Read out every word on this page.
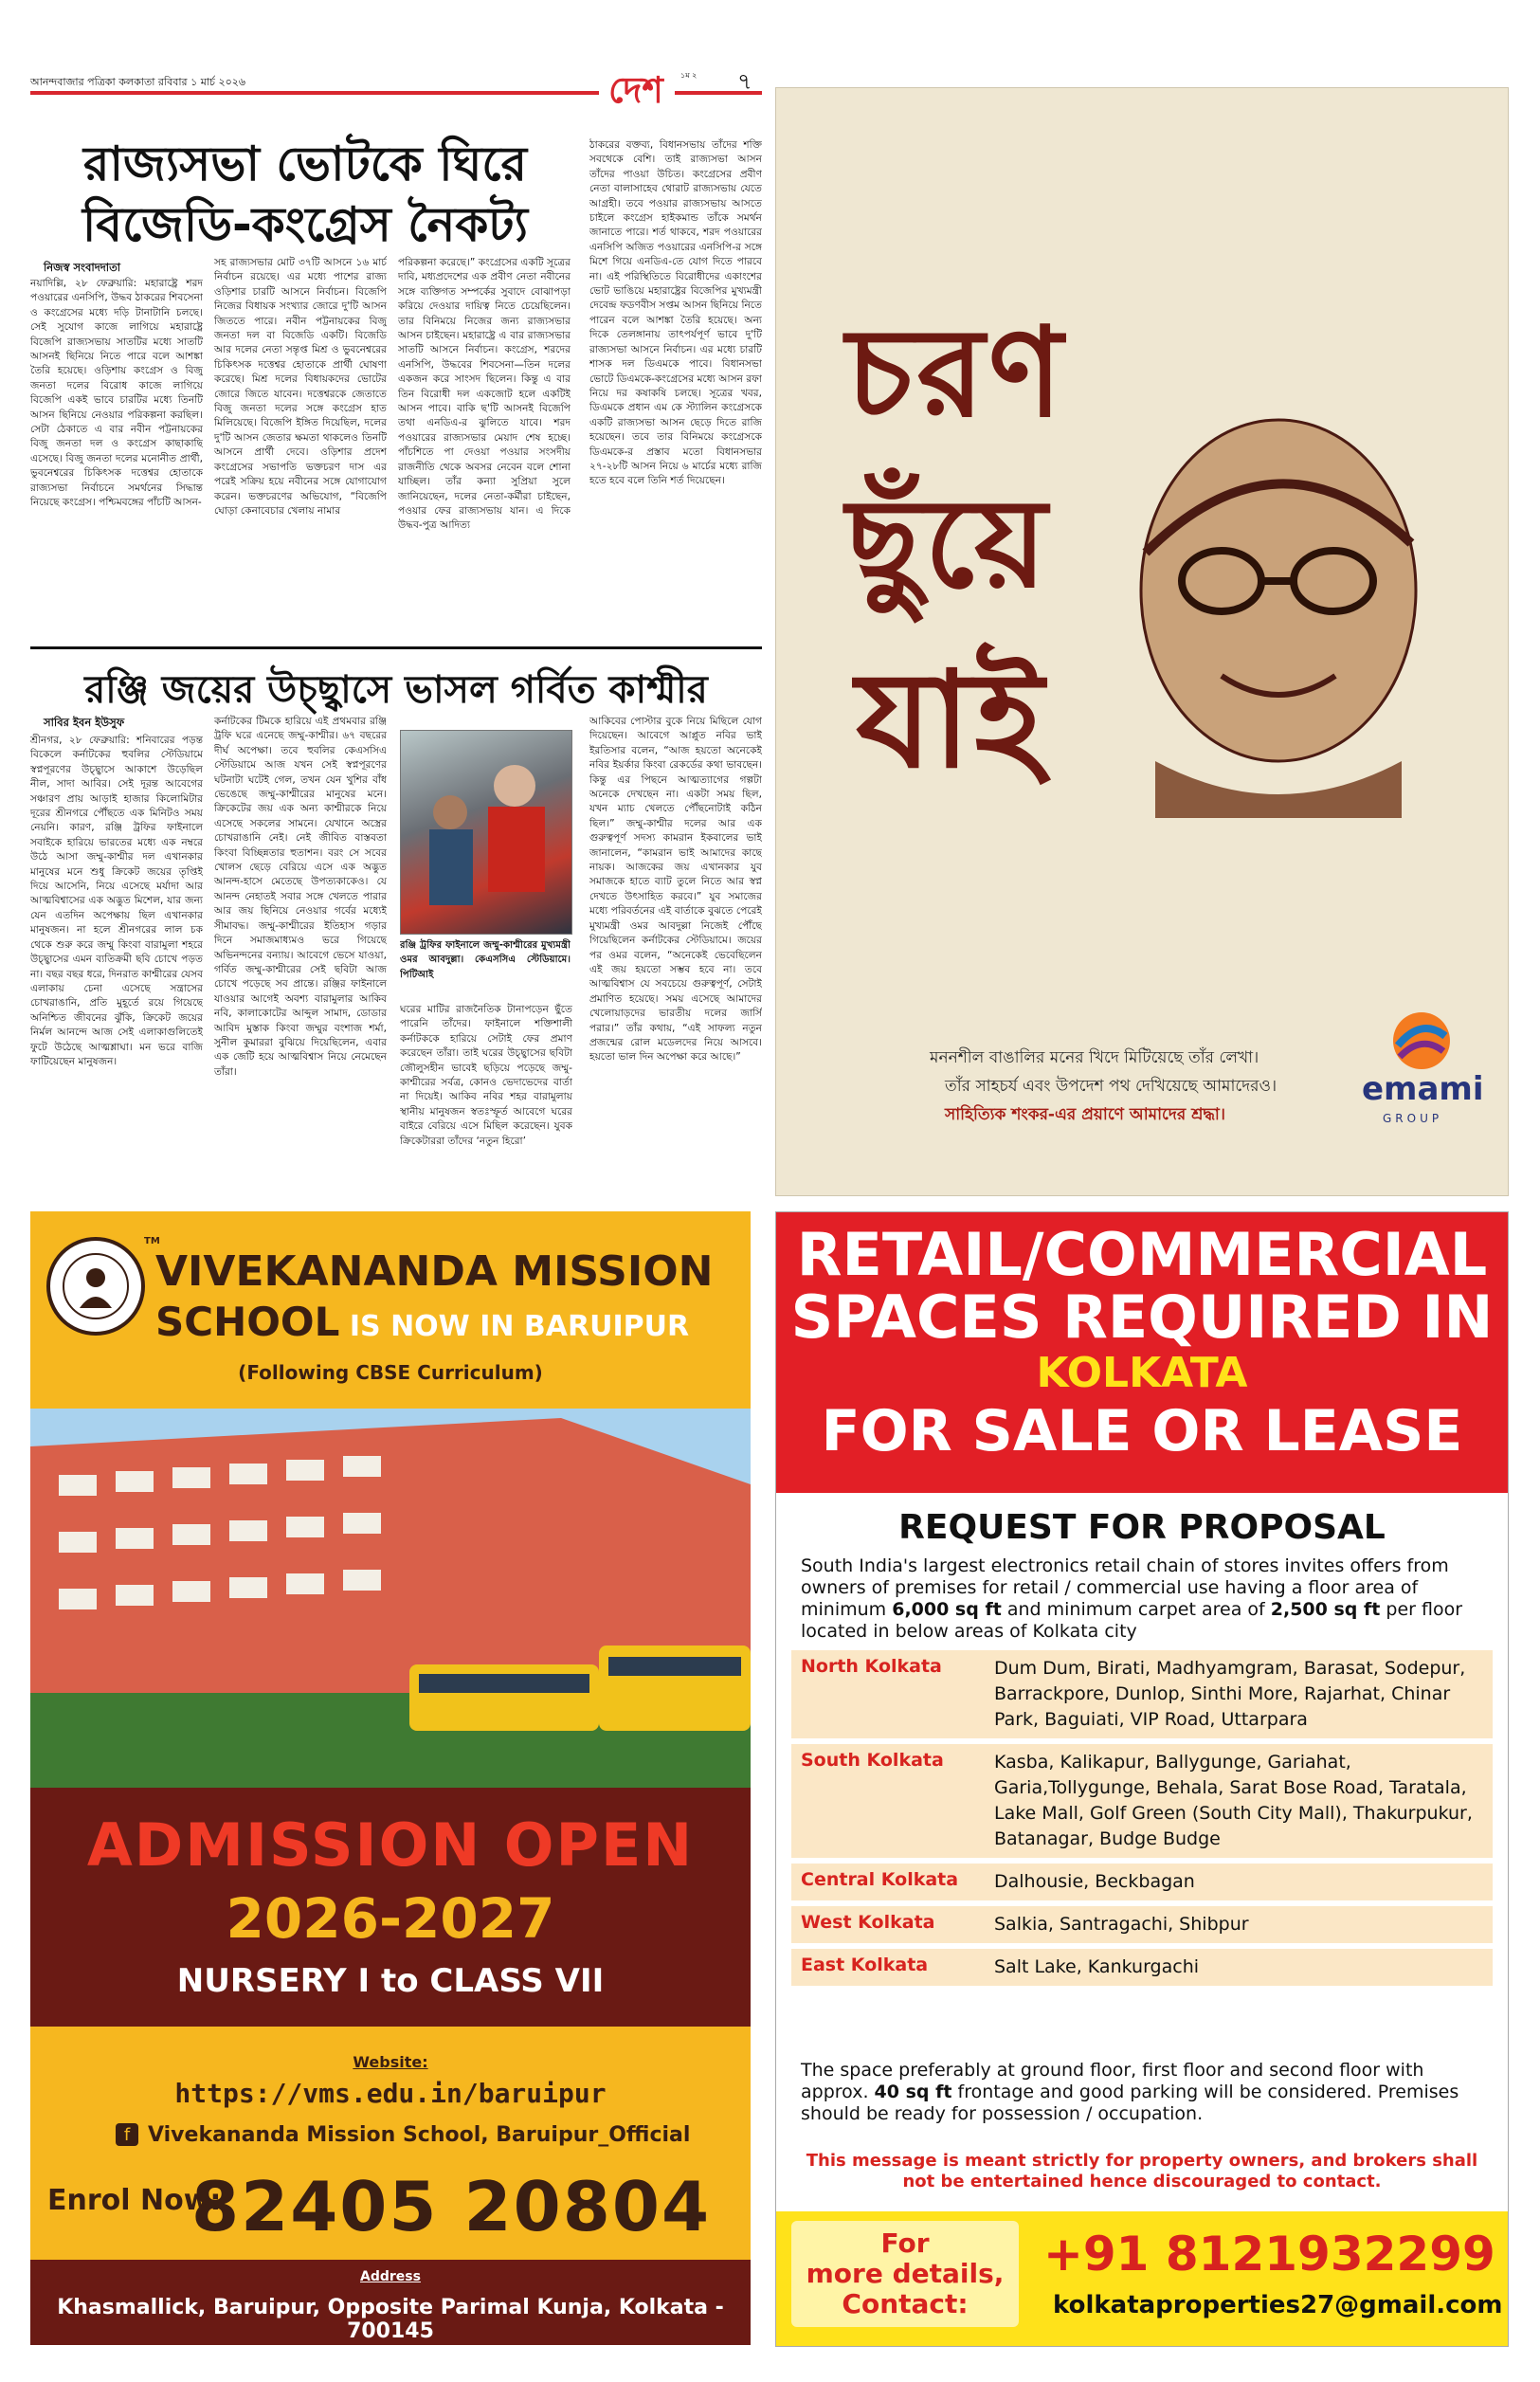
আনন্দবাজার পত্রিকা কলকাতা রবিবার ১ মার্চ ২০২৬	দেশ ১ম ২ ৭
রাজ্যসভা ভোটকে ঘিরে
বিজেডি-কংগ্রেস নৈকট্য
নিজস্ব সংবাদদাতা
নয়াদিল্লি, ২৮ ফেব্রুয়ারি: মহারাষ্ট্রে শরদ পওয়ারের এনসিপি, উদ্ধব ঠাকরের শিবসেনা ও কংগ্রেসের মধ্যে দড়ি টানাটানি চলছে। সেই সুযোগ কাজে লাগিয়ে মহারাষ্ট্রে বিজেপি রাজ্যসভায় সাতটির মধ্যে সাতটি আসনই ছিনিয়ে নিতে পারে বলে আশঙ্কা তৈরি হয়েছে। ওড়িশায় কংগ্রেস ও বিজু জনতা দলের বিরোধ কাজে লাগিয়ে বিজেপি একই ভাবে চারটির মধ্যে তিনটি আসন ছিনিয়ে নেওয়ার পরিকল্পনা করছিল। সেটা ঠেকাতে এ বার নবীন পট্টনায়কের বিজু জনতা দল ও কংগ্রেস কাছাকাছি এসেছে। বিজু জনতা দলের মনোনীত প্রার্থী, ভুবনেশ্বরের চিকিৎসক দত্তেশ্বর হোতাকে রাজ্যসভা নির্বাচনে সমর্থনের সিদ্ধান্ত নিয়েছে কংগ্রেস। পশ্চিমবঙ্গের পাঁচটি আসন-
সহ রাজ্যসভার মোট ৩৭টি আসনে ১৬ মার্চ নির্বাচন রয়েছে। এর মধ্যে পাশের রাজ্য ওড়িশার চারটি আসনে নির্বাচন। বিজেপি নিজের বিধায়ক সংখ্যার জোরে দু'টি আসন জিততে পারে। নবীন পট্টনায়কের বিজু জনতা দল বা বিজেডি একটি। বিজেডি আর দলের নেতা সন্তৃপ্ত মিশ্র ও ভুবনেশ্বরের চিকিৎসক দত্তেশ্বর হোতাকে প্রার্থী ঘোষণা করেছে। মিশ্র দলের বিধায়কদের ভোটের জোরে জিতে যাবেন। দত্তেশ্বরকে জেতাতে বিজু জনতা দলের সঙ্গে কংগ্রেস হাত মিলিয়েছে। বিজেপি ইঙ্গিত দিয়েছিল, দলের দু'টি আসন জেতার ক্ষমতা থাকলেও তিনটি আসনে প্রার্থী দেবে। ওড়িশার প্রদেশ কংগ্রেসের সভাপতি ভক্তচরণ দাস এর পরেই সক্রিয় হয়ে নবীনের সঙ্গে যোগাযোগ করেন। ভক্তচরণের অভিযোগ, “বিজেপি ঘোড়া কেনাবেচার খেলায় নামার
পরিকল্পনা করেছে।” কংগ্রেসের একটি সূত্রের দাবি, মধ্যপ্রদেশের এক প্রবীণ নেতা নবীনের সঙ্গে ব্যক্তিগত সম্পর্কের সুবাদে বোঝাপড়া করিয়ে দেওয়ার দায়িত্ব নিতে চেয়েছিলেন। তার বিনিময়ে নিজের জন্য রাজ্যসভার আসন চাইছেন। মহারাষ্ট্রে এ বার রাজ্যসভার সাতটি আসনে নির্বাচন। কংগ্রেস, শরদের এনসিপি, উদ্ধবের শিবসেনা—তিন দলের একজন করে সাংসদ ছিলেন। কিন্তু এ বার তিন বিরোধী দল একজোট হলে একটিই আসন পাবে। বাকি ছ'টি আসনই বিজেপি তথা এনডিএ-র ঝুলিতে যাবে। শরদ পওয়ারের রাজ্যসভার মেয়াদ শেষ হচ্ছে। পাঁচশিতে পা দেওয়া পওয়ার সংসদীয় রাজনীতি থেকে অবসর নেবেন বলে শোনা যাচ্ছিল। তাঁর কন্যা সুপ্রিয়া সুলে জানিয়েছেন, দলের নেতা-কর্মীরা চাইছেন, পওয়ার ফের রাজ্যসভায় যান। এ দিকে উদ্ধব-পুত্র আদিত্য
ঠাকরের বক্তব্য, বিধানসভায় তাঁদের শক্তি সবথেকে বেশি। তাই রাজ্যসভা আসন তাঁদের পাওয়া উচিত। কংগ্রেসের প্রবীণ নেতা বালাসাহেব থোরাট রাজ্যসভায় যেতে আগ্রহী। তবে পওয়ার রাজ্যসভায় আসতে চাইলে কংগ্রেস হাইকমান্ড তাঁকে সমর্থন জানাতে পারে। শর্ত থাকবে, শরদ পওয়ারের এনসিপি অজিত পওয়ারের এনসিপি-র সঙ্গে মিশে গিয়ে এনডিএ-তে যোগ দিতে পারবে না। এই পরিস্থিতিতে বিরোধীদের একাংশের ভোট ভাঙিয়ে মহারাষ্ট্রের বিজেপির মুখ্যমন্ত্রী দেবেন্দ্র ফডণবীস সপ্তম আসন ছিনিয়ে নিতে পারেন বলে আশঙ্কা তৈরি হয়েছে। অন্য দিকে তেলঙ্গানায় তাৎপর্যপূর্ণ ভাবে দু'টি রাজ্যসভা আসনে নির্বাচন। এর মধ্যে চারটি শাসক দল ডিএমকে পাবে। বিধানসভা ভোটে ডিএমকে-কংগ্রেসের মধ্যে আসন রফা নিয়ে দর কষাকষি চলছে। সূত্রের খবর, ডিএমকে প্রধান এম কে স্ট্যালিন কংগ্রেসকে একটি রাজ্যসভা আসন ছেড়ে দিতে রাজি হয়েছেন। তবে তার বিনিময়ে কংগ্রেসকে ডিএমকে-র প্রস্তাব মতো বিধানসভার ২৭-২৮টি আসন নিয়ে ৬ মার্চের মধ্যে রাজি হতে হবে বলে তিনি শর্ত দিয়েছেন।
রঞ্জি জয়ের উচ্ছ্বাসে ভাসল গর্বিত কাশ্মীর
সাবির ইবন ইউসুফ
শ্রীনগর, ২৮ ফেব্রুয়ারি: শনিবারের পড়ন্ত বিকেলে কর্নাটকের হুবলির স্টেডিয়ামে স্বপ্নপূরণের উচ্ছ্বাসে আকাশে উড়েছিল নীল, সাদা আবির। সেই দূরন্ত আবেগের সঞ্চারণ প্রায় আড়াই হাজার কিলোমিটার দূরের শ্রীনগরে পৌঁছতে এক মিনিটও সময় নেয়নি। কারণ, রঞ্জি ট্রফির ফাইনালে সবাইকে হারিয়ে ভারতের মধ্যে এক নম্বরে উঠে আসা জম্মু-কাশ্মীর দল এখানকার মানুষের মনে শুধু ক্রিকেট জয়ের তৃপ্তিই দিয়ে আসেনি, নিয়ে এসেছে মর্যাদা আর আত্মবিশ্বাসের এক অদ্ভুত মিশেল, যার জন্য যেন এতদিন অপেক্ষায় ছিল এখানকার মানুষজন। না হলে শ্রীনগরের লাল চক থেকে শুরু করে জম্মু কিংবা বারামুলা শহরে উচ্ছ্বাসের এমন ব্যতিক্রমী ছবি চোখে পড়ত না। বছর বছর ধরে, দিনরাত কাশ্মীরের যেসব এলাকায় চেনা এসেছে সন্ত্রাসের চোখরাঙানি, প্রতি মুহূর্তে রয়ে গিয়েছে অনিশ্চিত জীবনের ঝুঁকি, ক্রিকেট জয়ের নির্মল আনন্দে আজ সেই এলাকাগুলিতেই ফুটে উঠেছে আত্মশ্লাঘা। মন ভরে বাজি ফাটিয়েছেন মানুষজন।
কর্নাটকের টিমকে হারিয়ে এই প্রথমবার রঞ্জি ট্রফি ঘরে এনেছে জম্মু-কাশ্মীর। ৬৭ বছরের দীর্ঘ অপেক্ষা। তবে হুবলির কেএসসিএ স্টেডিয়ামে আজ যখন সেই স্বপ্নপূরণের ঘটনাটা ঘটেই গেল, তখন যেন খুশির বাঁধ ভেঙেছে জম্মু-কাশ্মীরের মানুষের মনে। ক্রিকেটের জয় এক অন্য কাশ্মীরকে নিয়ে এসেছে সকলের সামনে। যেখানে অস্ত্রের চোখরাঙানি নেই। নেই জীবিত বাস্তবতা কিংবা বিচ্ছিন্নতার হুতাশন। বরং সে সবের খোলস ছেড়ে বেরিয়ে এসে এক অদ্ভুত আনন্দ-হাসে মেতেছে উপত্যকাকেও। যে আনন্দ নেহাতই সবার সঙ্গে খেলতে পারার আর জয় ছিনিয়ে নেওয়ার গর্বের মধ্যেই সীমাবদ্ধ। জম্মু-কাশ্মীরের ইতিহাস গড়ার দিনে সমাজমাধ্যমও ভরে গিয়েছে অভিনন্দনের বন্যায়। আবেগে ভেসে যাওয়া, গর্বিত জম্মু-কাশ্মীরের সেই ছবিটা আজ চোখে পড়েছে সব প্রান্তে। রঞ্জির ফাইনালে যাওয়ার আগেই অবশ্য বারামুলার আকিব নবি, কালাকোটের আব্দুল সামাদ, ডোডার আবিদ মুস্তাক কিংবা জম্মুর বংশাজ শর্মা, সুনীল কুমাররা বুঝিয়ে দিয়েছিলেন, এবার এক জেটি হয়ে আত্মবিশ্বাস নিয়ে নেমেছেন তাঁরা।
রঞ্জি ট্রফির ফাইনালে জম্মু-কাশ্মীরের মুখ্যমন্ত্রী ওমর আবদুল্লা। কেএসসিএ স্টেডিয়ামে। পিটিআই
ঘরের মাটির রাজনৈতিক টানাপড়েন ছুঁতে পারেনি তাঁদের। ফাইনালে শক্তিশালী কর্নাটককে হারিয়ে সেটাই ফের প্রমাণ করেছেন তাঁরা। তাই ঘরের উচ্ছ্বাসের ছবিটা জৌলুসহীন ভাবেই ছড়িয়ে পড়েছে জম্মু-কাশ্মীরের সর্বত্র, কোনও ভেদাভেদের বার্তা না দিয়েই। আকিব নবির শহর বারামুলায় স্থানীয় মানুষজন স্বতঃস্ফূর্ত আবেগে ঘরের বাইরে বেরিয়ে এসে মিছিল করেছেন। যুবক ক্রিকেটাররা তাঁদের ‘নতুন হিরো’
আকিবের পোস্টার বুকে নিয়ে মিছিলে যোগ দিয়েছেন। আবেগে আপ্লুত নবির ভাই ইরতিসার বলেন, “আজ হয়তো অনেকেই নবির ইয়র্কার কিংবা রেকর্ডের কথা ভাবছেন। কিন্তু এর পিছনে আত্মত্যাগের গল্পটা অনেকে দেখছেন না। একটা সময় ছিল, যখন ম্যাচ খেলতে পৌঁছনোটাই কঠিন ছিল।” জম্মু-কাশ্মীর দলের আর এক গুরুত্বপূর্ণ সদস্য কামরান ইকবালের ভাই জানালেন, “কামরান ভাই আমাদের কাছে নায়ক। আজকের জয় এখানকার যুব সমাজকে হাতে ব্যাট তুলে নিতে আর স্বপ্ন দেখতে উৎসাহিত করবে।” যুব সমাজের মধ্যে পরিবর্তনের এই বার্তাকে বুঝতে পেরেই মুখ্যমন্ত্রী ওমর আবদুল্লা নিজেই পৌঁছে গিয়েছিলেন কর্নাটকের স্টেডিয়ামে। জয়ের পর ওমর বলেন, “অনেকেই ভেবেছিলেন এই জয় হয়তো সম্ভব হবে না। তবে আত্মবিশ্বাস যে সবচেয়ে গুরুত্বপূর্ণ, সেটাই প্রমাণিত হয়েছে। সময় এসেছে আমাদের খেলোয়াড়দের ভারতীয় দলের জার্সি পরার।” তাঁর কথায়, “এই সাফল্য নতুন প্রজন্মের রোল মডেলদের নিয়ে আসবে। হয়তো ভাল দিন অপেক্ষা করে আছে।”
চরণ
ছুঁয়ে
যাই
মননশীল বাঙালির মনের খিদে মিটিয়েছে তাঁর লেখা।
তাঁর সাহচর্য এবং উপদেশ পথ দেখিয়েছে আমাদেরও।
সাহিত্যিক শংকর-এর প্রয়াণে আমাদের শ্রদ্ধা।
emami
GROUP
TM
VIVEKANANDA MISSION
SCHOOL IS NOW IN BARUIPUR
(Following CBSE Curriculum)
ADMISSION OPEN
2026-2027
NURSERY I to CLASS VII
Website:
https://vms.edu.in/baruipur
f Vivekananda Mission School, Baruipur_Official
Enrol Now:
82405 20804
Address
Khasmallick, Baruipur, Opposite Parimal Kunja, Kolkata - 700145
RETAIL/COMMERCIAL
SPACES REQUIRED IN
KOLKATA
FOR SALE OR LEASE
REQUEST FOR PROPOSAL
South India's largest electronics retail chain of stores invites offers from owners of premises for retail / commercial use having a floor area of minimum 6,000 sq ft and minimum carpet area of 2,500 sq ft per floor located in below areas of Kolkata city
North Kolkata	Dum Dum, Birati, Madhyamgram, Barasat, Sodepur, Barrackpore, Dunlop, Sinthi More, Rajarhat, Chinar Park, Baguiati, VIP Road, Uttarpara
South Kolkata	Kasba, Kalikapur, Ballygunge, Gariahat, Garia,Tollygunge, Behala, Sarat Bose Road, Taratala, Lake Mall, Golf Green (South City Mall), Thakurpukur, Batanagar, Budge Budge
Central Kolkata	Dalhousie, Beckbagan
West Kolkata	Salkia, Santragachi, Shibpur
East Kolkata	Salt Lake, Kankurgachi
The space preferably at ground floor, first floor and second floor with approx. 40 sq ft frontage and good parking will be considered. Premises should be ready for possession / occupation.
This message is meant strictly for property owners, and brokers shall not be entertained hence discouraged to contact.
For
more details,
Contact:
+91 8121932299
kolkataproperties27@gmail.com
